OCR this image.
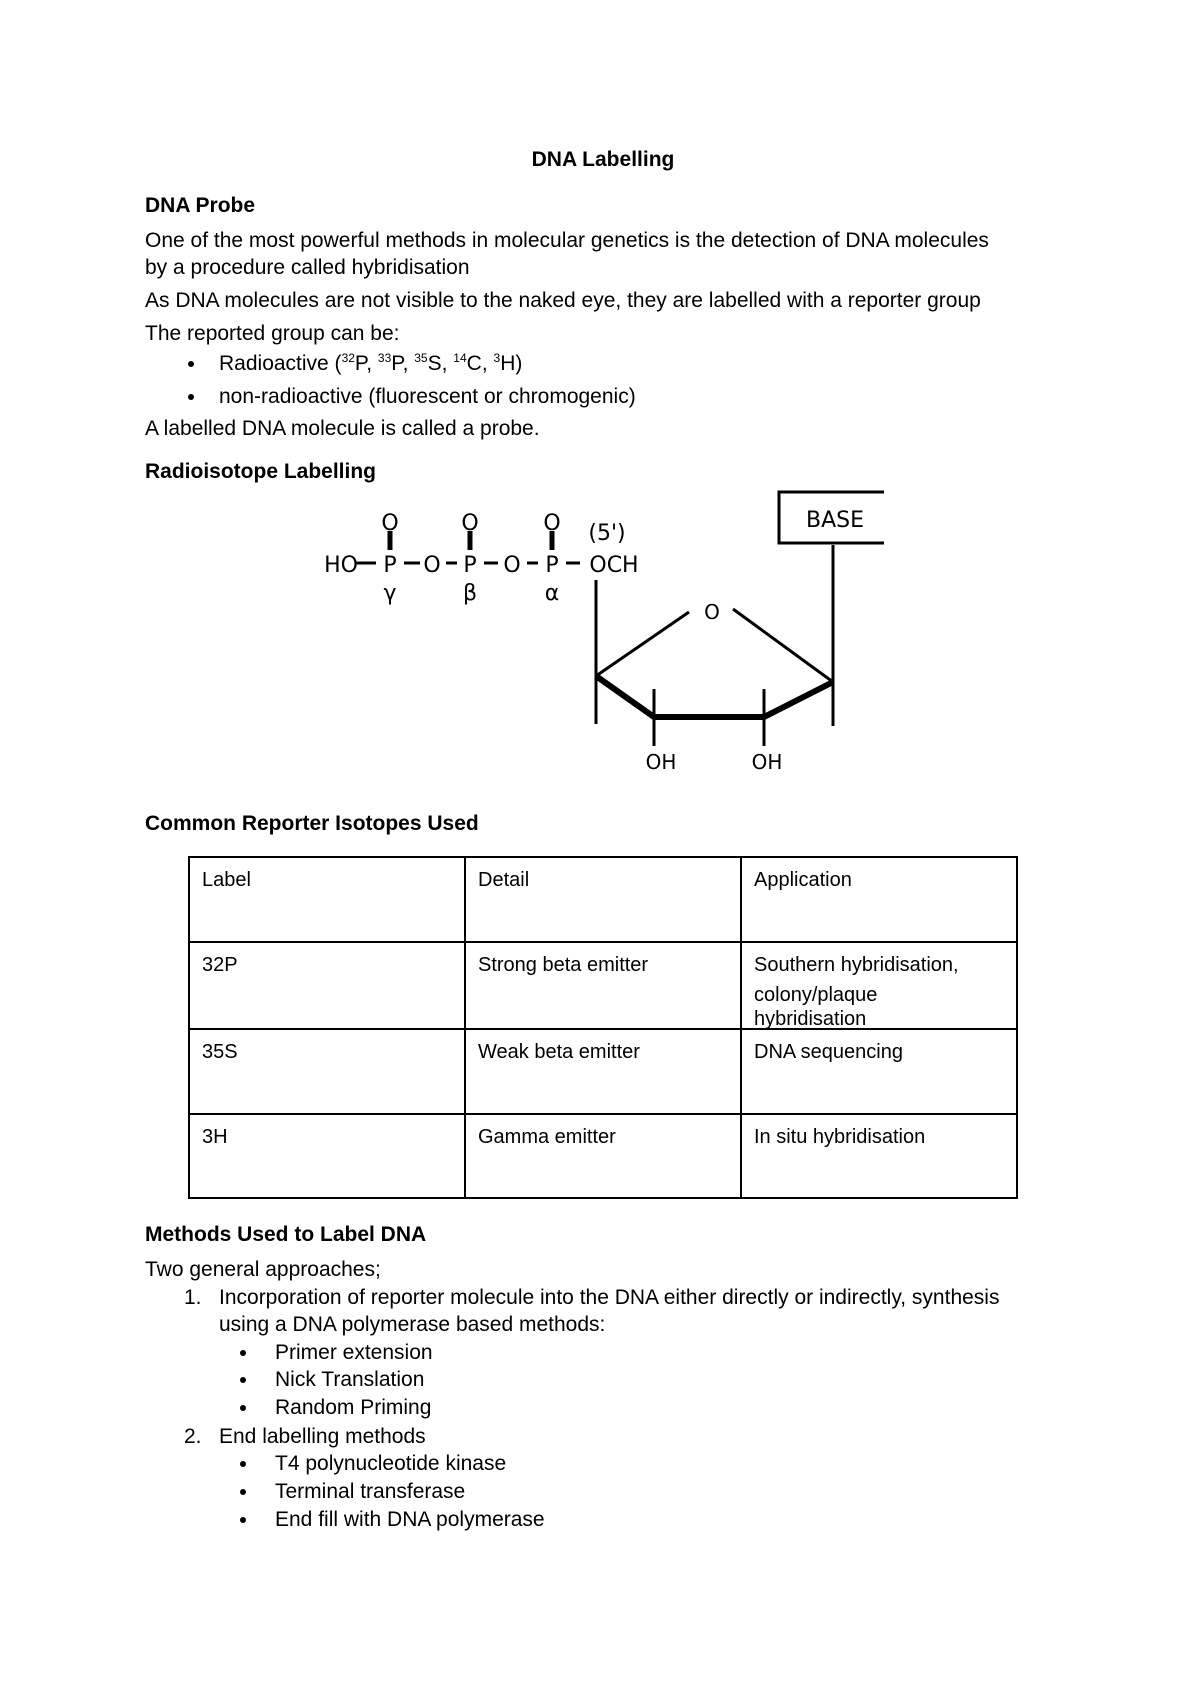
DNA Labelling
DNA Probe
One of the most powerful methods in molecular genetics is the detection of DNA molecules
by a procedure called hybridisation
As DNA molecules are not visible to the naked eye, they are labelled with a reporter group
The reported group can be:
Radioactive ($^{32}$P, $^{33}$P, $^{35}$S, $^{14}$C, $^3$H)
non-radioactive (fluorescent or chromogenic)
A labelled DNA molecule is called a probe.
Radioisotope Labelling
HO
O	O	O
P O P O P OCH
(5')
γ	β	α
O
OH	OH
BASE
Common Reporter Isotopes Used
Label	Detail	Application
32P	Strong beta emitter	Southern hybridisation,
colony/plaque hybridisation

35S	Weak beta emitter	DNA sequencing
3H	Gamma emitter	In situ hybridisation
Methods Used to Label DNA
Two general approaches;
1. Incorporation of reporter molecule into the DNA either directly or indirectly, synthesis
using a DNA polymerase based methods:
Primer extension
Nick Translation
Random Priming
2. End labelling methods
T4 polynucleotide kinase
Terminal transferase
End fill with DNA polymerase
